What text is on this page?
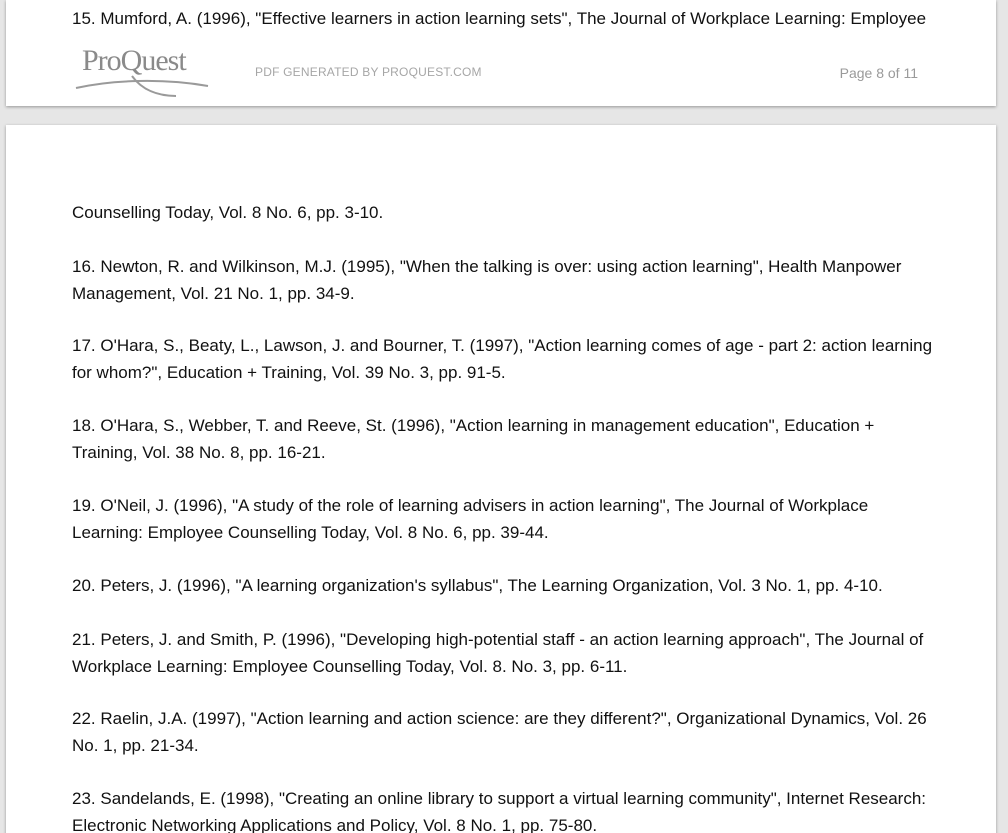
15. Mumford, A. (1996), "Effective learners in action learning sets", The Journal of Workplace Learning: Employee
ProQuest	PDF GENERATED BY PROQUEST.COM	Page 8 of 11
Counselling Today, Vol. 8 No. 6, pp. 3-10.
16. Newton, R. and Wilkinson, M.J. (1995), "When the talking is over: using action learning", Health Manpower Management, Vol. 21 No. 1, pp. 34-9.
17. O'Hara, S., Beaty, L., Lawson, J. and Bourner, T. (1997), "Action learning comes of age - part 2: action learning for whom?", Education + Training, Vol. 39 No. 3, pp. 91-5.
18. O'Hara, S., Webber, T. and Reeve, St. (1996), "Action learning in management education", Education + Training, Vol. 38 No. 8, pp. 16-21.
19. O'Neil, J. (1996), "A study of the role of learning advisers in action learning", The Journal of Workplace Learning: Employee Counselling Today, Vol. 8 No. 6, pp. 39-44.
20. Peters, J. (1996), "A learning organization's syllabus", The Learning Organization, Vol. 3 No. 1, pp. 4-10.
21. Peters, J. and Smith, P. (1996), "Developing high-potential staff - an action learning approach", The Journal of Workplace Learning: Employee Counselling Today, Vol. 8. No. 3, pp. 6-11.
22. Raelin, J.A. (1997), "Action learning and action science: are they different?", Organizational Dynamics, Vol. 26 No. 1, pp. 21-34.
23. Sandelands, E. (1998), "Creating an online library to support a virtual learning community", Internet Research: Electronic Networking Applications and Policy, Vol. 8 No. 1, pp. 75-80.
